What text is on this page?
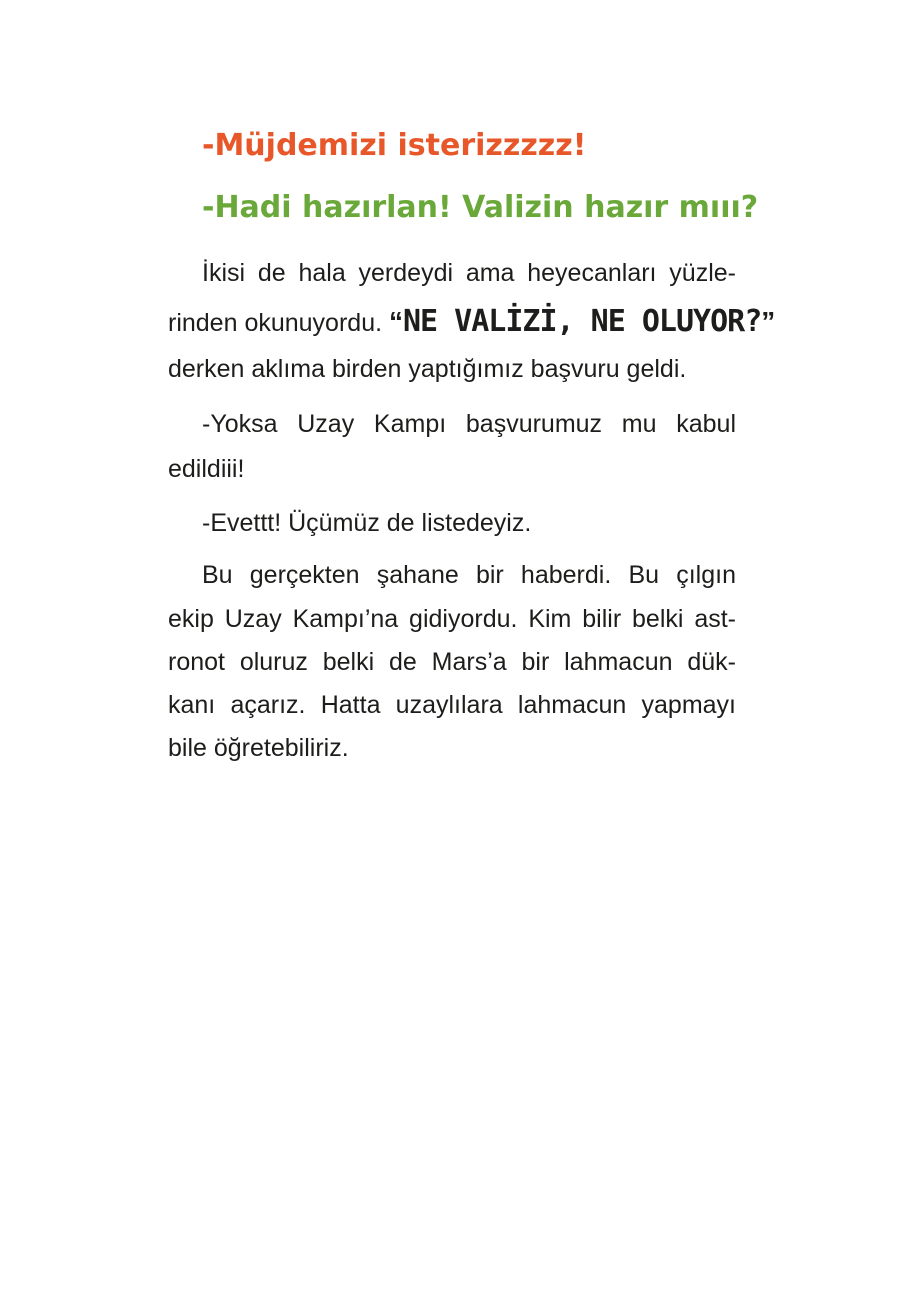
-Müjdemizi isterizzzzz!
-Hadi hazırlan! Valizin hazır mııı?
İkisi de hala yerdeydi ama heyecanları yüzle-
rinden okunuyordu. “NE VALİZİ, NE OLUYOR?”
derken aklıma birden yaptığımız başvuru geldi.
-Yoksa Uzay Kampı başvurumuz mu kabul
edildiii!
-Evettt! Üçümüz de listedeyiz.
Bu gerçekten şahane bir haberdi. Bu çılgın
ekip Uzay Kampı’na gidiyordu. Kim bilir belki ast-
ronot oluruz belki de Mars’a bir lahmacun dük-
kanı açarız. Hatta uzaylılara lahmacun yapmayı
bile öğretebiliriz.
